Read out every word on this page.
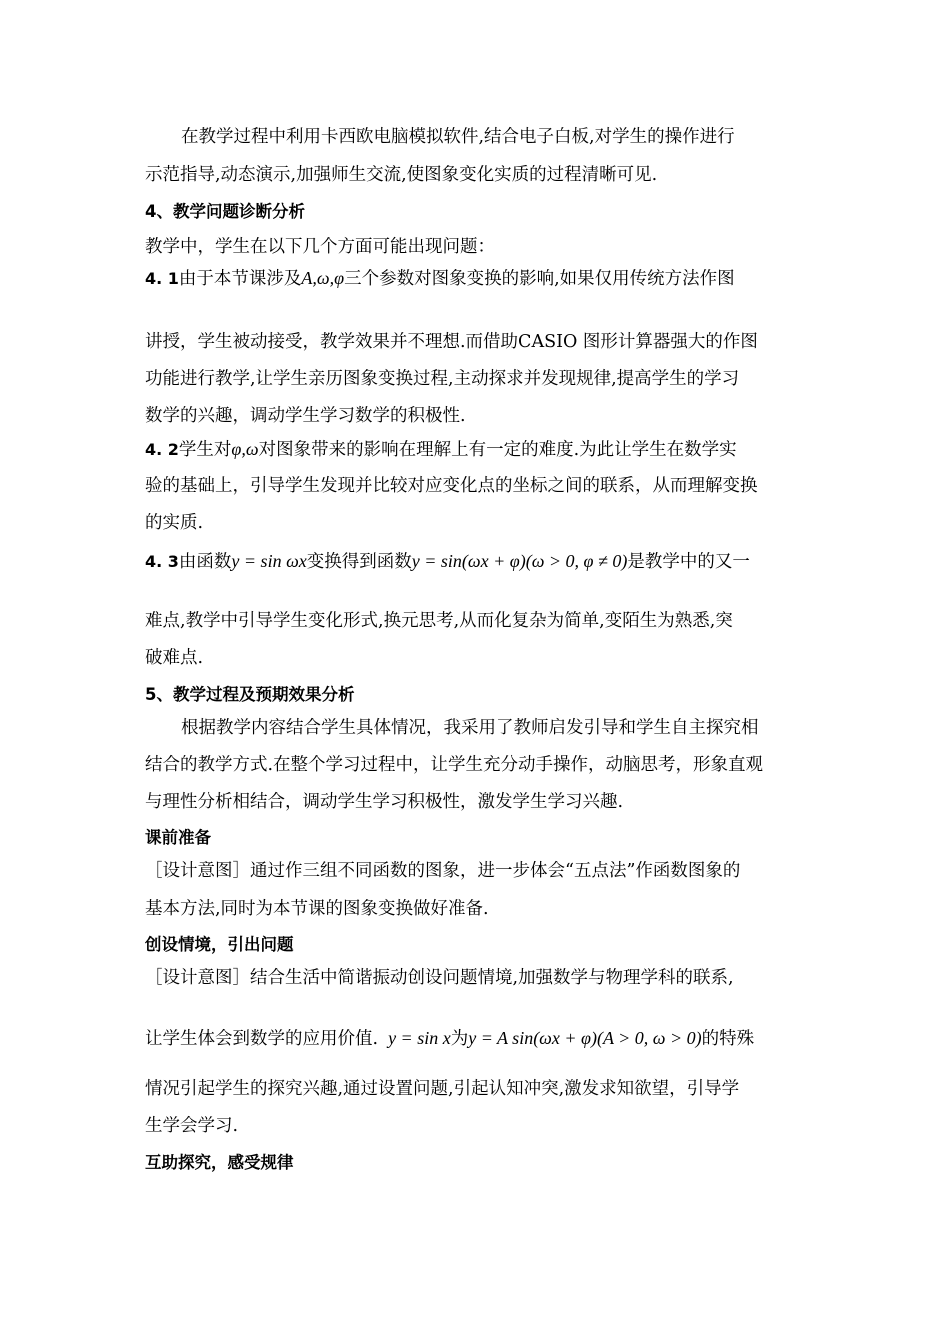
在教学过程中利用卡西欧电脑模拟软件,结合电子白板,对学生的操作进行
示范指导,动态演示,加强师生交流,使图象变化实质的过程清晰可见.
4、教学问题诊断分析
教学中，学生在以下几个方面可能出现问题：
4. 1由于本节课涉及A,ω,φ三个参数对图象变换的影响,如果仅用传统方法作图
讲授，学生被动接受，教学效果并不理想.而借助CASIO 图形计算器强大的作图
功能进行教学,让学生亲历图象变换过程,主动探求并发现规律,提高学生的学习
数学的兴趣，调动学生学习数学的积极性.
4. 2学生对φ,ω对图象带来的影响在理解上有一定的难度.为此让学生在数学实
验的基础上，引导学生发现并比较对应变化点的坐标之间的联系，从而理解变换
的实质.
4. 3由函数y = sin ωx变换得到函数y = sin(ωx + φ)(ω > 0, φ ≠ 0)是教学中的又一
难点,教学中引导学生变化形式,换元思考,从而化复杂为简单,变陌生为熟悉,突
破难点.
5、教学过程及预期效果分析
根据教学内容结合学生具体情况，我采用了教师启发引导和学生自主探究相
结合的教学方式.在整个学习过程中，让学生充分动手操作，动脑思考，形象直观
与理性分析相结合，调动学生学习积极性，激发学生学习兴趣.
课前准备
［设计意图］通过作三组不同函数的图象，进一步体会“五点法”作函数图象的
基本方法,同时为本节课的图象变换做好准备.
创设情境，引出问题
［设计意图］结合生活中简谐振动创设问题情境,加强数学与物理学科的联系,
让学生体会到数学的应用价值. y = sin x为y = A sin(ωx + φ)(A > 0, ω > 0)的特殊
情况引起学生的探究兴趣,通过设置问题,引起认知冲突,激发求知欲望，引导学
生学会学习.
互助探究，感受规律
